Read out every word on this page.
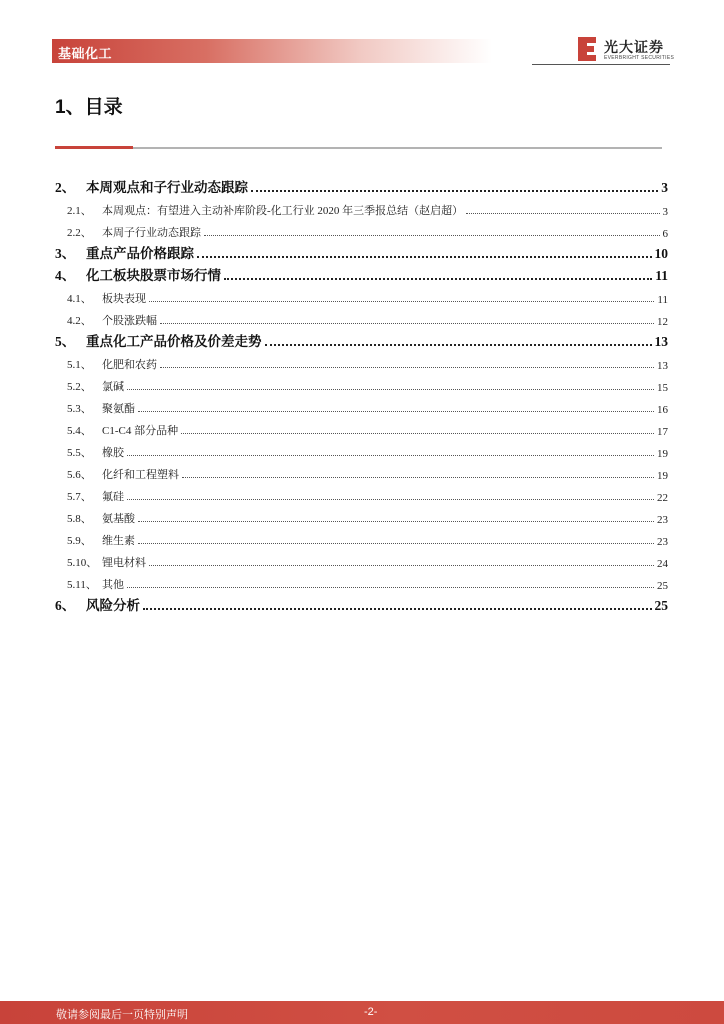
基础化工	光大证券
EVERBRIGHT SECURITIES
1、目录
2、 本周观点和子行业动态跟踪	3
2.1、 本周观点：有望进入主动补库阶段-化工行业 2020 年三季报总结（赵启超）	3
2.2、 本周子行业动态跟踪	6
3、 重点产品价格跟踪	10
4、 化工板块股票市场行情	11
4.1、 板块表现	11
4.2、 个股涨跌幅	12
5、 重点化工产品价格及价差走势	13
5.1、 化肥和农药	13
5.2、 氯碱	15
5.3、 聚氨酯	16
5.4、 C1-C4 部分品种	17
5.5、 橡胶	19
5.6、 化纤和工程塑料	19
5.7、 氟硅	22
5.8、 氨基酸	23
5.9、 维生素	23
5.10、 锂电材料	24
5.11、 其他	25
6、 风险分析	25
敬请参阅最后一页特别声明	-2-
